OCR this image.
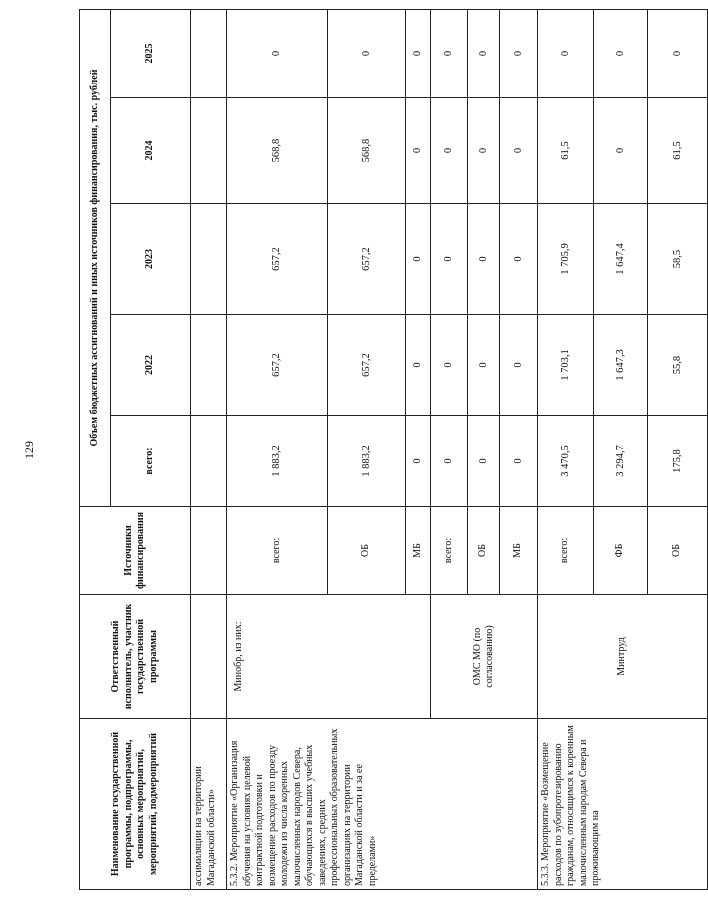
129
Наименование государственной программы, подпрограммы, основных мероприятий, мероприятий, подмероприятий	Ответственный исполнитель, участник государственной программы	Источники финансирования	Объем бюджетных ассигнований и иных источников финансирования, тыс. рублей				
			всего:	2022	2023	2024	2025
ассимиляции на территории Магаданской области»							
5.3.2. Мероприятие «Организация обучения на условиях целевой контрактной подготовки и возмещение расходов по проезду молодежи из числа коренных малочисленных народов Севера, обучающихся в высших учебных заведениях, средних профессиональных образовательных организациях на территории Магаданской области и за ее пределами»	Минобр, из них:	всего:	1 883,2	657,2	657,2	568,8	0
		ОБ	1 883,2	657,2	657,2	568,8	0
		МБ	0	0	0	0	0
	ОМС МО (по согласованию)	всего:	0	0	0	0	0
		ОБ	0	0	0	0	0
		МБ	0	0	0	0	0
5.3.3. Мероприятие «Возмещение расходов по зубопротезированию гражданам, относящимся к коренным малочисленным народам Севера и проживающим на	Минтруд	всего:	3 470,5	1 703,1	1 705,9	61,5	0
		ФБ	3 294,7	1 647,3	1 647,4	0	0
		ОБ	175,8	55,8	58,5	61,5	0
